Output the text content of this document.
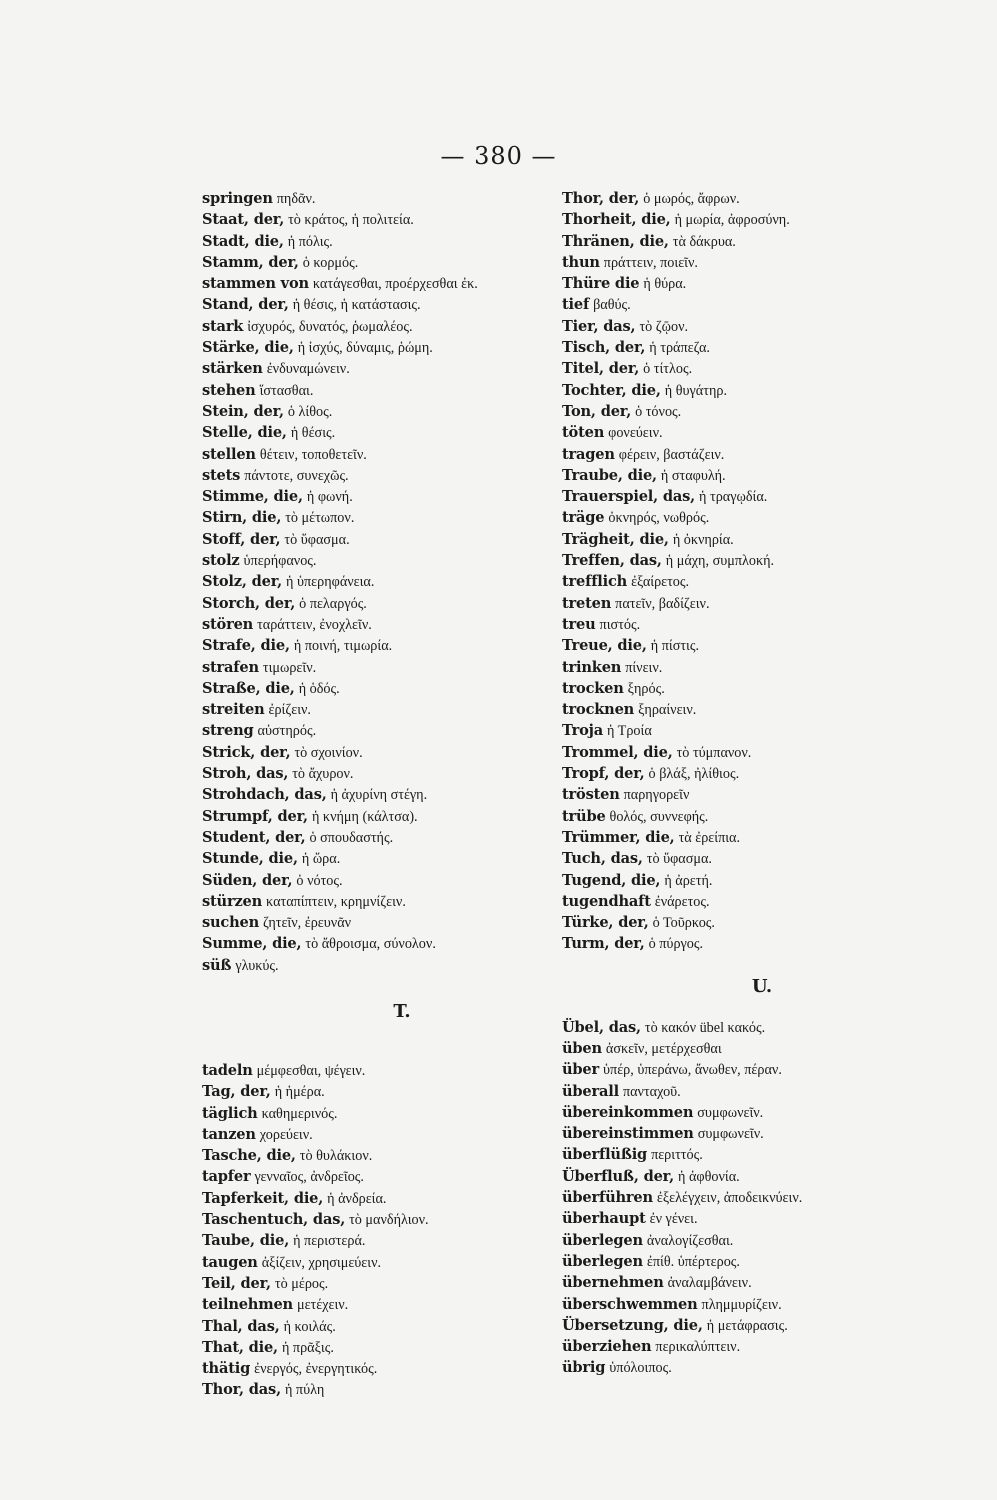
— 380 —
springen πηδᾶν.
Staat, der, τὸ κράτος, ἡ πολιτεία.
Stadt, die, ἡ πόλις.
Stamm, der, ὁ κορμός.
stammen von κατάγεσθαι, προέρχεσθαι ἐκ.
Stand, der, ἡ θέσις, ἡ κατάστασις.
stark ἰσχυρός, δυνατός, ῥωμαλέος.
Stärke, die, ἡ ἰσχύς, δύναμις, ῥώμη.
stärken ἐνδυναμώνειν.
stehen ἵστασθαι.
Stein, der, ὁ λίθος.
Stelle, die, ἡ θέσις.
stellen θέτειν, τοποθετεῖν.
stets πάντοτε, συνεχῶς.
Stimme, die, ἡ φωνή.
Stirn, die, τὸ μέτωπον.
Stoff, der, τὸ ὕφασμα.
stolz ὑπερήφανος.
Stolz, der, ἡ ὑπερηφάνεια.
Storch, der, ὁ πελαργός.
stören ταράττειν, ἐνοχλεῖν.
Strafe, die, ἡ ποινή, τιμωρία.
strafen τιμωρεῖν.
Straße, die, ἡ ὁδός.
streiten ἐρίζειν.
streng αὐστηρός.
Strick, der, τὸ σχοινίον.
Stroh, das, τὸ ἄχυρον.
Strohdach, das, ἡ ἀχυρίνη στέγη.
Strumpf, der, ἡ κνήμη (κάλτσα).
Student, der, ὁ σπουδαστής.
Stunde, die, ἡ ὥρα.
Süden, der, ὁ νότος.
stürzen καταπίπτειν, κρημνίζειν.
suchen ζητεῖν, ἐρευνᾶν
Summe, die, τὸ ἄθροισμα, σύνολον.
süß γλυκύς.
T.
tadeln μέμφεσθαι, ψέγειν.
Tag, der, ἡ ἡμέρα.
täglich καθημερινός.
tanzen χορεύειν.
Tasche, die, τὸ θυλάκιον.
tapfer γενναῖος, ἀνδρεῖος.
Tapferkeit, die, ἡ ἀνδρεία.
Taschentuch, das, τὸ μανδήλιον.
Taube, die, ἡ περιστερά.
taugen ἀξίζειν, χρησιμεύειν.
Teil, der, τὸ μέρος.
teilnehmen μετέχειν.
Thal, das, ἡ κοιλάς.
That, die, ἡ πρᾶξις.
thätig ἐνεργός, ἐνεργητικός.
Thor, das, ἡ πύλη
Thor, der, ὁ μωρός, ἄφρων.
Thorheit, die, ἡ μωρία, ἀφροσύνη.
Thränen, die, τὰ δάκρυα.
thun πράττειν, ποιεῖν.
Thüre die ἡ θύρα.
tief βαθύς.
Tier, das, τὸ ζῷον.
Tisch, der, ἡ τράπεζα.
Titel, der, ὁ τίτλος.
Tochter, die, ἡ θυγάτηρ.
Ton, der, ὁ τόνος.
töten φονεύειν.
tragen φέρειν, βαστάζειν.
Traube, die, ἡ σταφυλή.
Trauerspiel, das, ἡ τραγῳδία.
träge ὀκνηρός, νωθρός.
Trägheit, die, ἡ ὀκνηρία.
Treffen, das, ἡ μάχη, συμπλοκή.
trefflich ἐξαίρετος.
treten πατεῖν, βαδίζειν.
treu πιστός.
Treue, die, ἡ πίστις.
trinken πίνειν.
trocken ξηρός.
trocknen ξηραίνειν.
Troja ἡ Τροία
Trommel, die, τὸ τύμπανον.
Tropf, der, ὁ βλάξ, ἠλίθιος.
trösten παρηγορεῖν
trübe θολός, συννεφής.
Trümmer, die, τὰ ἐρείπια.
Tuch, das, τὸ ὕφασμα.
Tugend, die, ἡ ἀρετή.
tugendhaft ἐνάρετος.
Türke, der, ὁ Τοῦρκος.
Turm, der, ὁ πύργος.
U.
Übel, das, τὸ κακόν übel κακός.
üben ἀσκεῖν, μετέρχεσθαι
über ὑπέρ, ὑπεράνω, ἄνωθεν, πέραν.
überall πανταχοῦ.
übereinkommen συμφωνεῖν.
übereinstimmen συμφωνεῖν.
überflüßig περιττός.
Überfluß, der, ἡ ἀφθονία.
überführen ἐξελέγχειν, ἀποδεικνύειν.
überhaupt ἐν γένει.
überlegen ἀναλογίζεσθαι.
überlegen ἐπίθ. ὑπέρτερος.
übernehmen ἀναλαμβάνειν.
überschwemmen πλημμυρίζειν.
Übersetzung, die, ἡ μετάφρασις.
überziehen περικαλύπτειν.
übrig ὑπόλοιπος.
